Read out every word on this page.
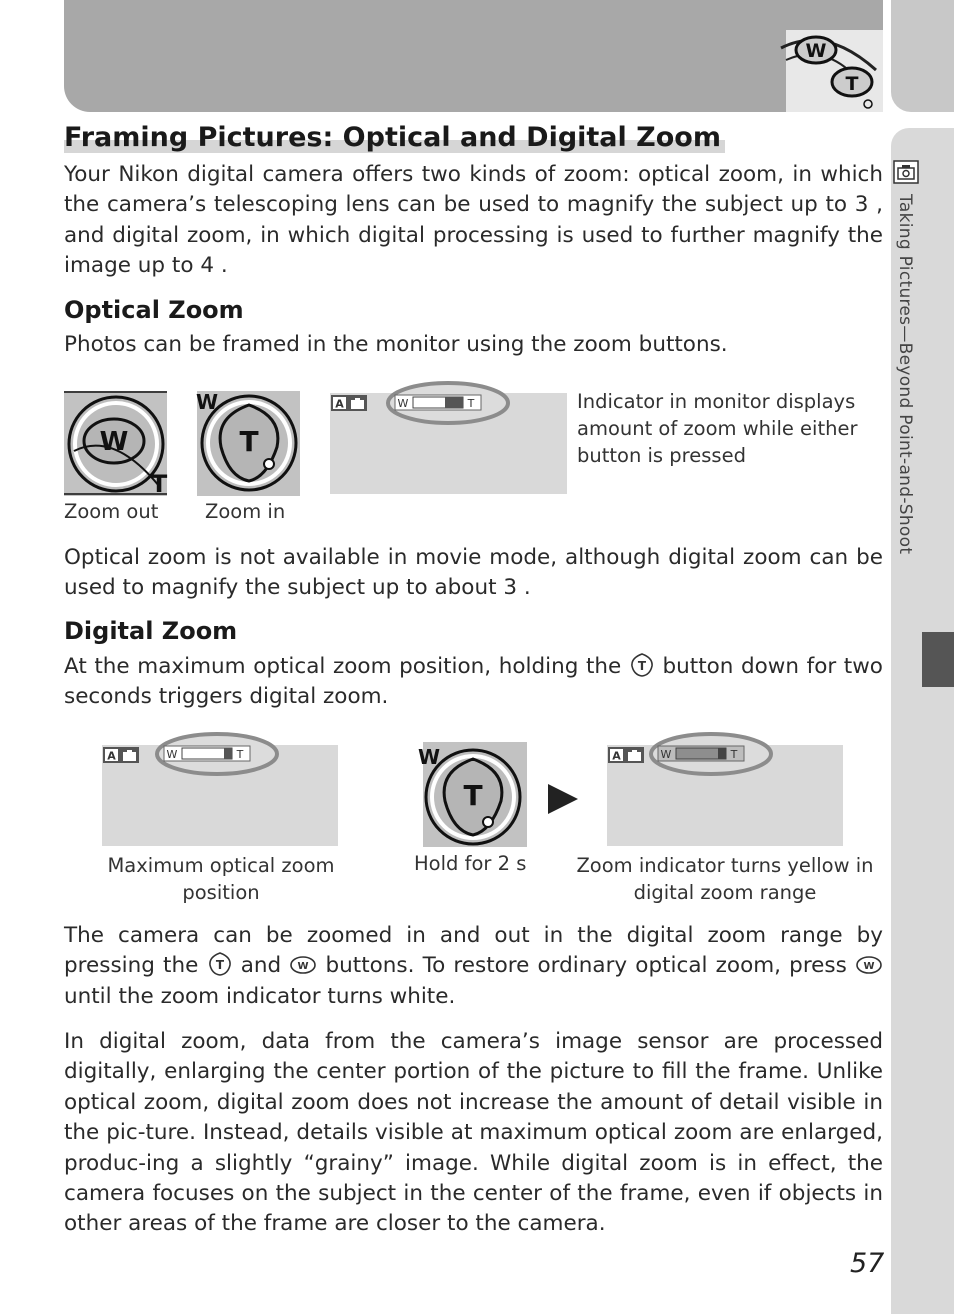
W
T
Taking Pictures—Beyond Point-and-Shoot
Framing Pictures: Optical and Digital Zoom

Your Nikon digital camera offers two kinds of zoom: optical zoom, in which the camera’s telescoping lens can be used to magnify the subject up to 3 , and digital zoom, in which digital processing is used to further magnify the image up to 4 .

Optical Zoom

Photos can be framed in the monitor using the zoom buttons.

W
T
Zoom out
T
W
Zoom in
A	W	T	Indicator in monitor displays amount of zoom while either button is pressed

Optical zoom is not available in movie mode, although digital zoom can be used to magnify the subject up to about 3 .

Digital Zoom

At the maximum optical zoom position, holding the T button down for two seconds triggers digital zoom.

A	W	T
Maximum optical zoom position
T
W
Hold for 2 s
A	W	T
Zoom indicator turns yellow in digital zoom range

The camera can be zoomed in and out in the digital zoom range by pressing the T and W buttons. To restore ordinary optical zoom, press W
until the zoom indicator turns white.

In digital zoom, data from the camera’s image sensor are processed digitally, enlarging the center portion of the picture to fill the frame. Unlike optical zoom, digital zoom does not increase the amount of detail visible in the pic-ture. Instead, details visible at maximum optical zoom are enlarged, produc-ing a slightly “grainy” image. While digital zoom is in effect, the camera focuses on the subject in the center of the frame, even if objects in other areas of the frame are closer to the camera.

57
